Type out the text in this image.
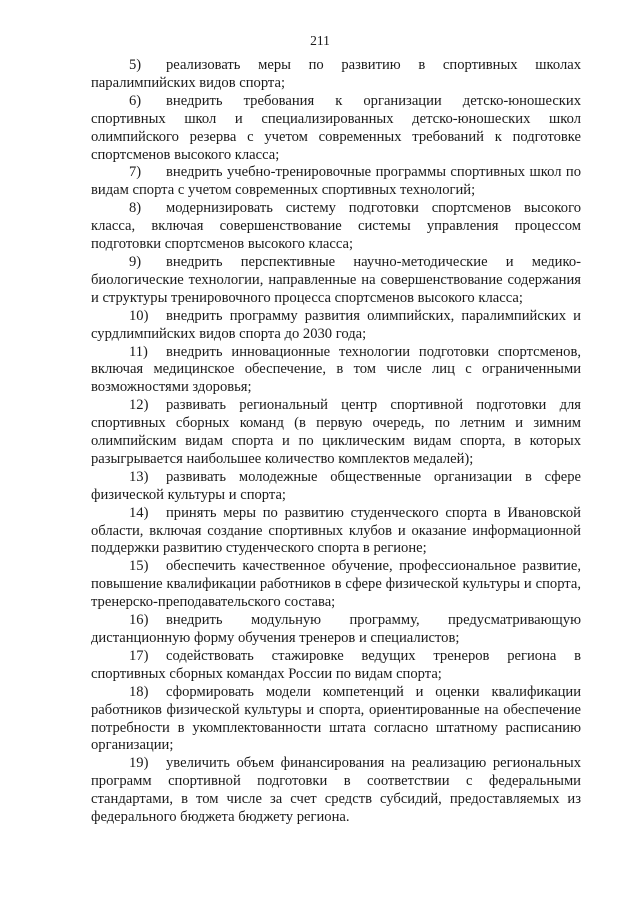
211

5) реализовать меры по развитию в спортивных школах паралимпийских видов спорта;

6) внедрить требования к организации детско-юношеских спортивных школ и специализированных детско-юношеских школ олимпийского резерва с учетом современных требований к подготовке спортсменов высокого класса;

7) внедрить учебно-тренировочные программы спортивных школ по видам спорта с учетом современных спортивных технологий;

8) модернизировать систему подготовки спортсменов высокого класса, включая совершенствование системы управления процессом подготовки спортсменов высокого класса;

9) внедрить перспективные научно-методические и медико-биологические технологии, направленные на совершенствование содержания и структуры тренировочного процесса спортсменов высокого класса;

10) внедрить программу развития олимпийских, паралимпийских и сурдлимпийских видов спорта до 2030 года;

11) внедрить инновационные технологии подготовки спортсменов, включая медицинское обеспечение, в том числе лиц с ограниченными возможностями здоровья;

12) развивать региональный центр спортивной подготовки для спортивных сборных команд (в первую очередь, по летним и зимним олимпийским видам спорта и по циклическим видам спорта, в которых разыгрывается наибольшее количество комплектов медалей);

13) развивать молодежные общественные организации в сфере физической культуры и спорта;

14) принять меры по развитию студенческого спорта в Ивановской области, включая создание спортивных клубов и оказание информационной поддержки развитию студенческого спорта в регионе;

15) обеспечить качественное обучение, профессиональное развитие, повышение квалификации работников в сфере физической культуры и спорта, тренерско-преподавательского состава;

16) внедрить модульную программу, предусматривающую дистанционную форму обучения тренеров и специалистов;

17) содействовать стажировке ведущих тренеров региона в спортивных сборных командах России по видам спорта;

18) сформировать модели компетенций и оценки квалификации работников физической культуры и спорта, ориентированные на обеспечение потребности в укомплектованности штата согласно штатному расписанию организации;

19) увеличить объем финансирования на реализацию региональных программ спортивной подготовки в соответствии с федеральными стандартами, в том числе за счет средств субсидий, предоставляемых из федерального бюджета бюджету региона.
